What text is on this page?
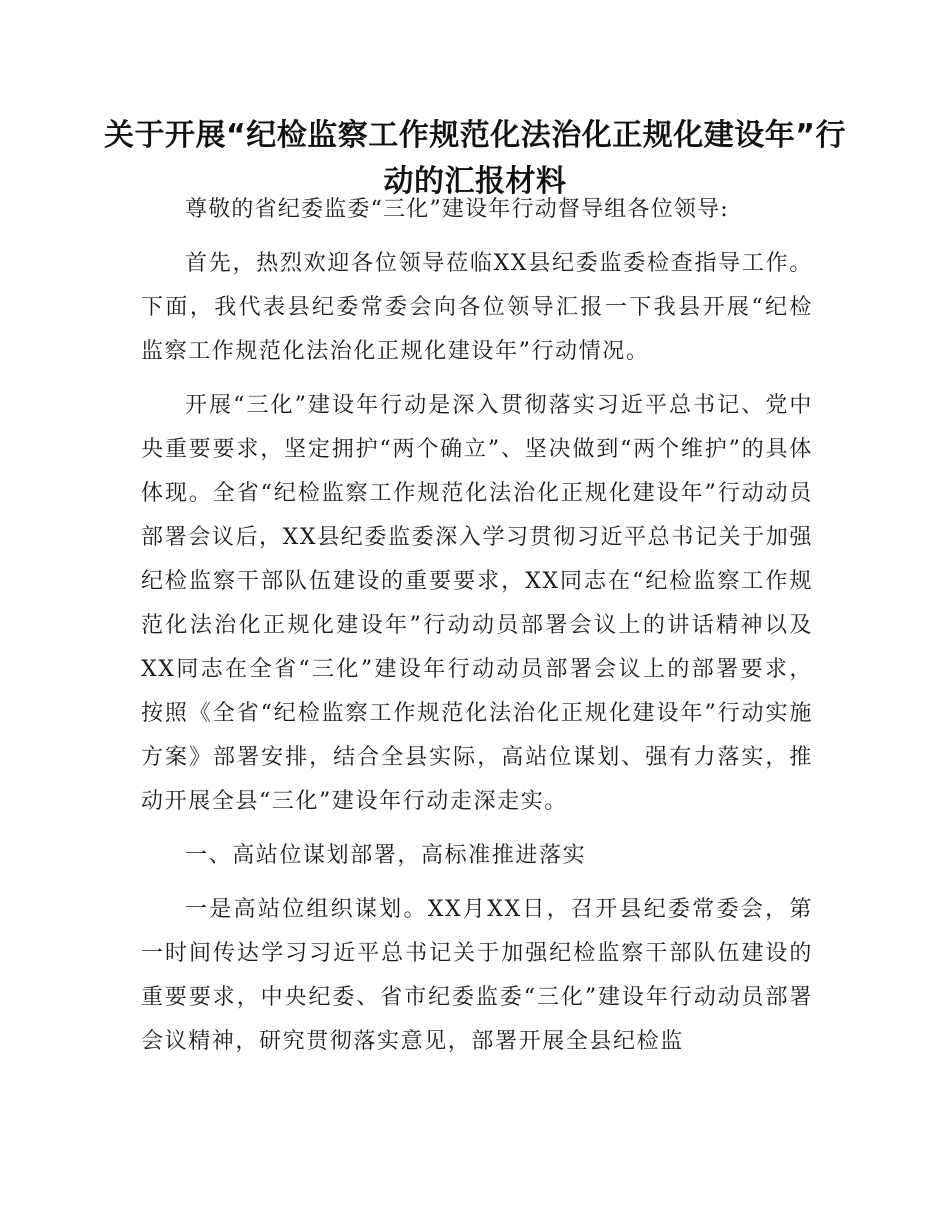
关于开展“纪检监察工作规范化法治化正规化建设年”行动的汇报材料

尊敬的省纪委监委“三化”建设年行动督导组各位领导:

首先，热烈欢迎各位领导莅临XX县纪委监委检查指导工作。下面，我代表县纪委常委会向各位领导汇报一下我县开展“纪检监察工作规范化法治化正规化建设年”行动情况。

开展“三化”建设年行动是深入贯彻落实习近平总书记、党中央重要要求，坚定拥护“两个确立”、坚决做到“两个维护”的具体体现。全省“纪检监察工作规范化法治化正规化建设年”行动动员部署会议后，XX县纪委监委深入学习贯彻习近平总书记关于加强纪检监察干部队伍建设的重要要求，XX同志在“纪检监察工作规范化法治化正规化建设年”行动动员部署会议上的讲话精神以及XX同志在全省“三化”建设年行动动员部署会议上的部署要求，按照《全省“纪检监察工作规范化法治化正规化建设年”行动实施方案》部署安排，结合全县实际，高站位谋划、强有力落实，推动开展全县“三化”建设年行动走深走实。

一、高站位谋划部署，高标准推进落实

一是高站位组织谋划。XX月XX日，召开县纪委常委会，第一时间传达学习习近平总书记关于加强纪检监察干部队伍建设的重要要求，中央纪委、省市纪委监委“三化”建设年行动动员部署会议精神，研究贯彻落实意见，部署开展全县纪检监
